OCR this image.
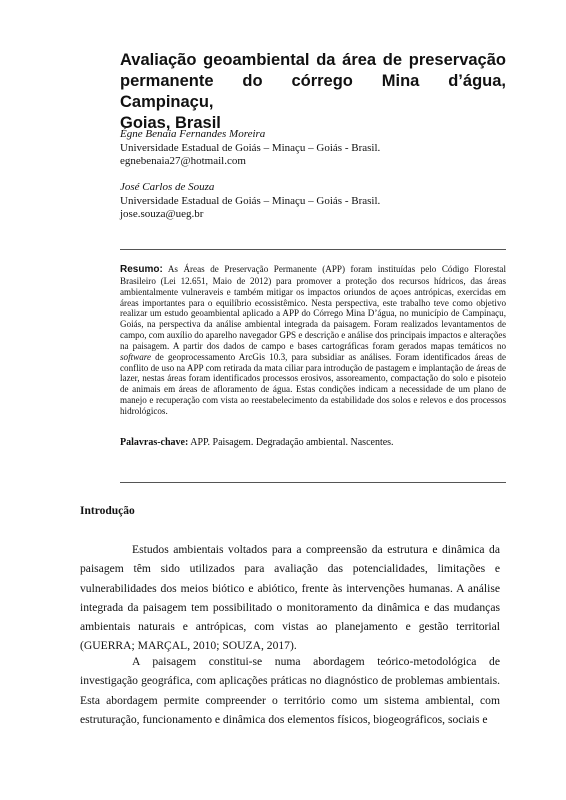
Avaliação geoambiental da área de preservação
permanente do córrego Mina d’água, Campinaçu,
Goias, Brasil
Égne Benaia Fernandes Moreira
Universidade Estadual de Goiás – Minaçu – Goiás - Brasil.
egnebenaia27@hotmail.com
José Carlos de Souza
Universidade Estadual de Goiás – Minaçu – Goiás - Brasil.
jose.souza@ueg.br

Resumo: As Áreas de Preservação Permanente (APP) foram instituídas pelo Código Florestal Brasileiro (Lei 12.651, Maio de 2012) para promover a proteção dos recursos hídricos, das áreas ambientalmente vulneraveis e também mitigar os impactos oriundos de açoes antrópicas, exercidas em áreas importantes para o equilíbrio ecossistêmico. Nesta perspectiva, este trabalho teve como objetivo realizar um estudo geoambiental aplicado a APP do Córrego Mina D’água, no município de Campinaçu, Goiás, na perspectiva da análise ambiental integrada da paisagem. Foram realizados levantamentos de campo, com auxílio do aparelho navegador GPS e descrição e análise dos principais impactos e alterações na paisagem. A partir dos dados de campo e bases cartográficas foram gerados mapas temáticos no software de geoprocessamento ArcGis 10.3, para subsidiar as análises. Foram identificados áreas de conflito de uso na APP com retirada da mata ciliar para introdução de pastagem e implantação de áreas de lazer, nestas áreas foram identificados processos erosivos, assoreamento, compactação do solo e pisoteio de animais em áreas de afloramento de água. Estas condições indicam a necessidade de um plano de manejo e recuperação com vista ao reestabelecimento da estabilidade dos solos e relevos e dos processos hidrológicos.

Palavras-chave: APP. Paisagem. Degradação ambiental. Nascentes.

Introdução

Estudos ambientais voltados para a compreensão da estrutura e dinâmica da paisagem têm sido utilizados para avaliação das potencialidades, limitações e vulnerabilidades dos meios biótico e abiótico, frente às intervenções humanas. A análise integrada da paisagem tem possibilitado o monitoramento da dinâmica e das mudanças ambientais naturais e antrópicas, com vistas ao planejamento e gestão territorial (GUERRA; MARÇAL, 2010; SOUZA, 2017).

A paisagem constitui-se numa abordagem teórico-metodológica de investigação geográfica, com aplicações práticas no diagnóstico de problemas ambientais. Esta abordagem permite compreender o território como um sistema ambiental, com estruturação, funcionamento e dinâmica dos elementos físicos, biogeográficos, sociais e
